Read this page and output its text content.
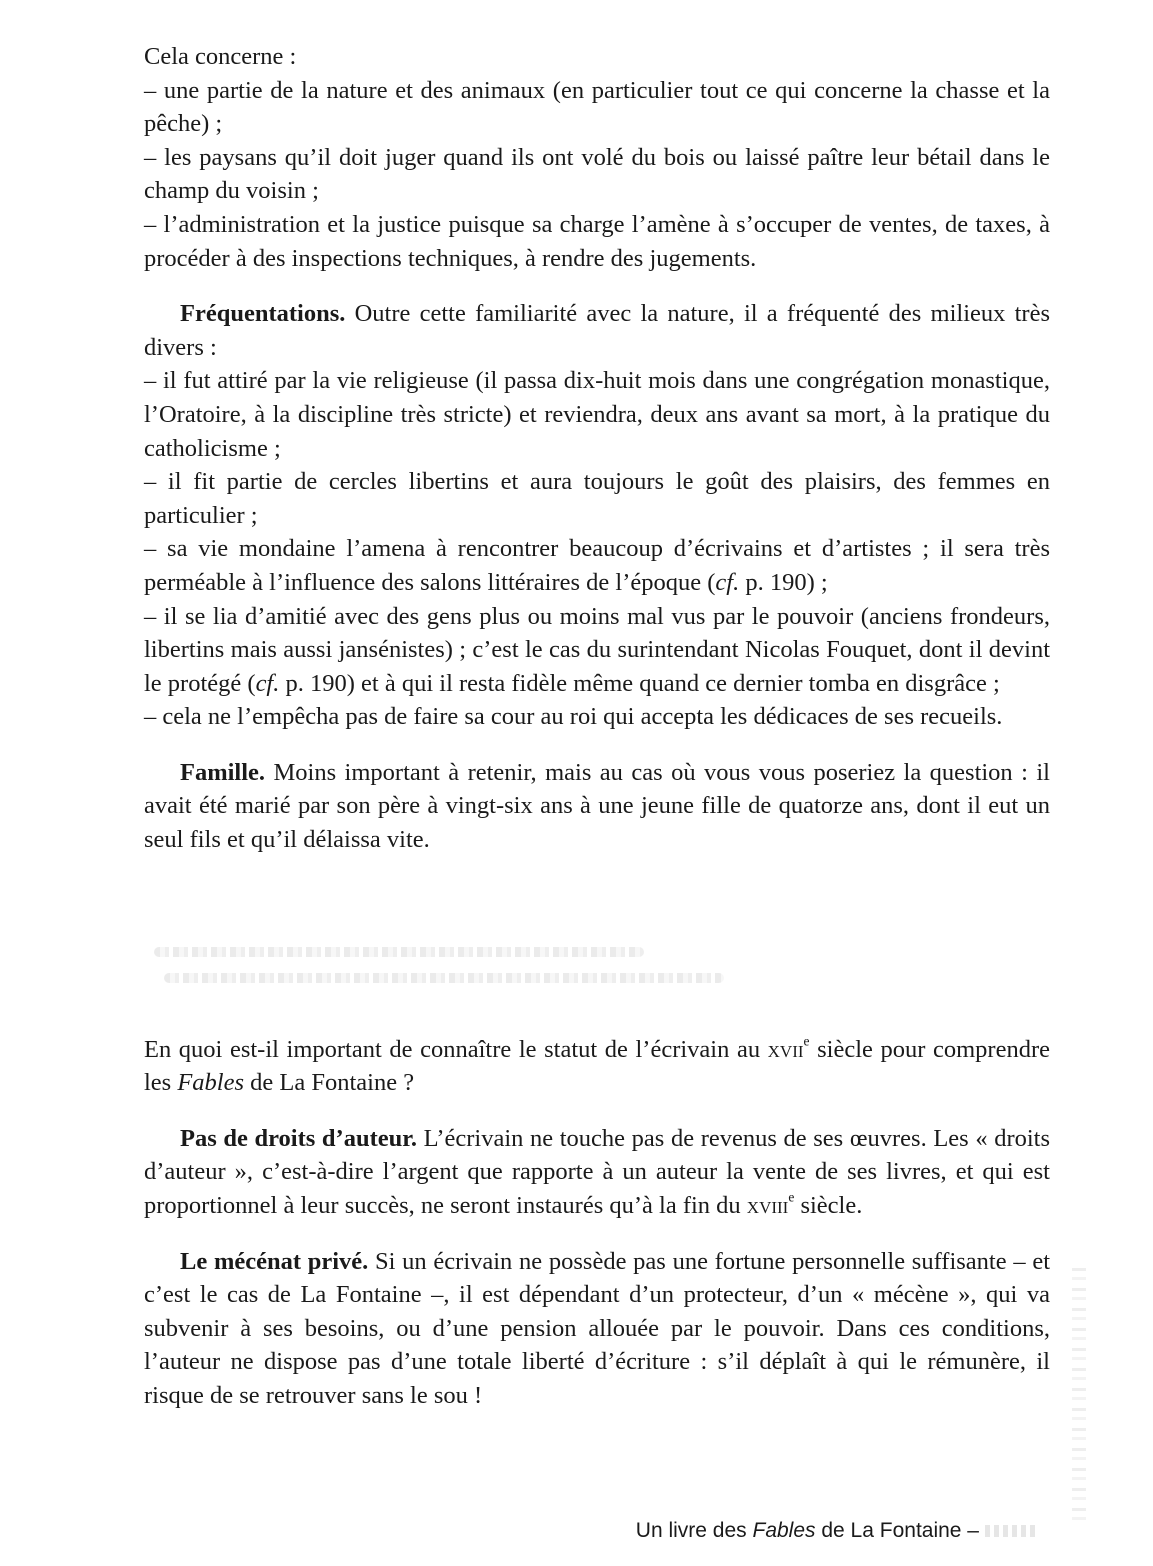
Cela concerne :

– une partie de la nature et des animaux (en particulier tout ce qui concerne la chasse et la pêche) ;
– les paysans qu’il doit juger quand ils ont volé du bois ou laissé paître leur bétail dans le champ du voisin ;
– l’administration et la justice puisque sa charge l’amène à s’occuper de ventes, de taxes, à procéder à des inspections techniques, à rendre des jugements.

Fréquentations. Outre cette familiarité avec la nature, il a fréquenté des milieux très divers :

– il fut attiré par la vie religieuse (il passa dix-huit mois dans une congrégation monastique, l’Oratoire, à la discipline très stricte) et reviendra, deux ans avant sa mort, à la pratique du catholicisme ;
– il fit partie de cercles libertins et aura toujours le goût des plaisirs, des femmes en particulier ;
– sa vie mondaine l’amena à rencontrer beaucoup d’écrivains et d’artistes ; il sera très perméable à l’influence des salons littéraires de l’époque (cf. p. 190) ;
– il se lia d’amitié avec des gens plus ou moins mal vus par le pouvoir (anciens frondeurs, libertins mais aussi jansénistes) ; c’est le cas du surintendant Nicolas Fouquet, dont il devint le protégé (cf. p. 190) et à qui il resta fidèle même quand ce dernier tomba en disgrâce ;
– cela ne l’empêcha pas de faire sa cour au roi qui accepta les dédicaces de ses recueils.

Famille. Moins important à retenir, mais au cas où vous vous poseriez la question : il avait été marié par son père à vingt-six ans à une jeune fille de quatorze ans, dont il eut un seul fils et qu’il délaissa vite.

En quoi est-il important de connaître le statut de l’écrivain au xvii$^e$ siècle pour comprendre les Fables de La Fontaine ?

Pas de droits d’auteur. L’écrivain ne touche pas de revenus de ses œuvres. Les « droits d’auteur », c’est-à-dire l’argent que rapporte à un auteur la vente de ses livres, et qui est proportionnel à leur succès, ne seront instaurés qu’à la fin du xviii$^e$ siècle.

Le mécénat privé. Si un écrivain ne possède pas une fortune personnelle suffisante – et c’est le cas de La Fontaine –, il est dépendant d’un protecteur, d’un « mécène », qui va subvenir à ses besoins, ou d’une pension allouée par le pouvoir. Dans ces conditions, l’auteur ne dispose pas d’une totale liberté d’écriture : s’il déplaît à qui le rémunère, il risque de se retrouver sans le sou !

Un livre des Fables de La Fontaine –
